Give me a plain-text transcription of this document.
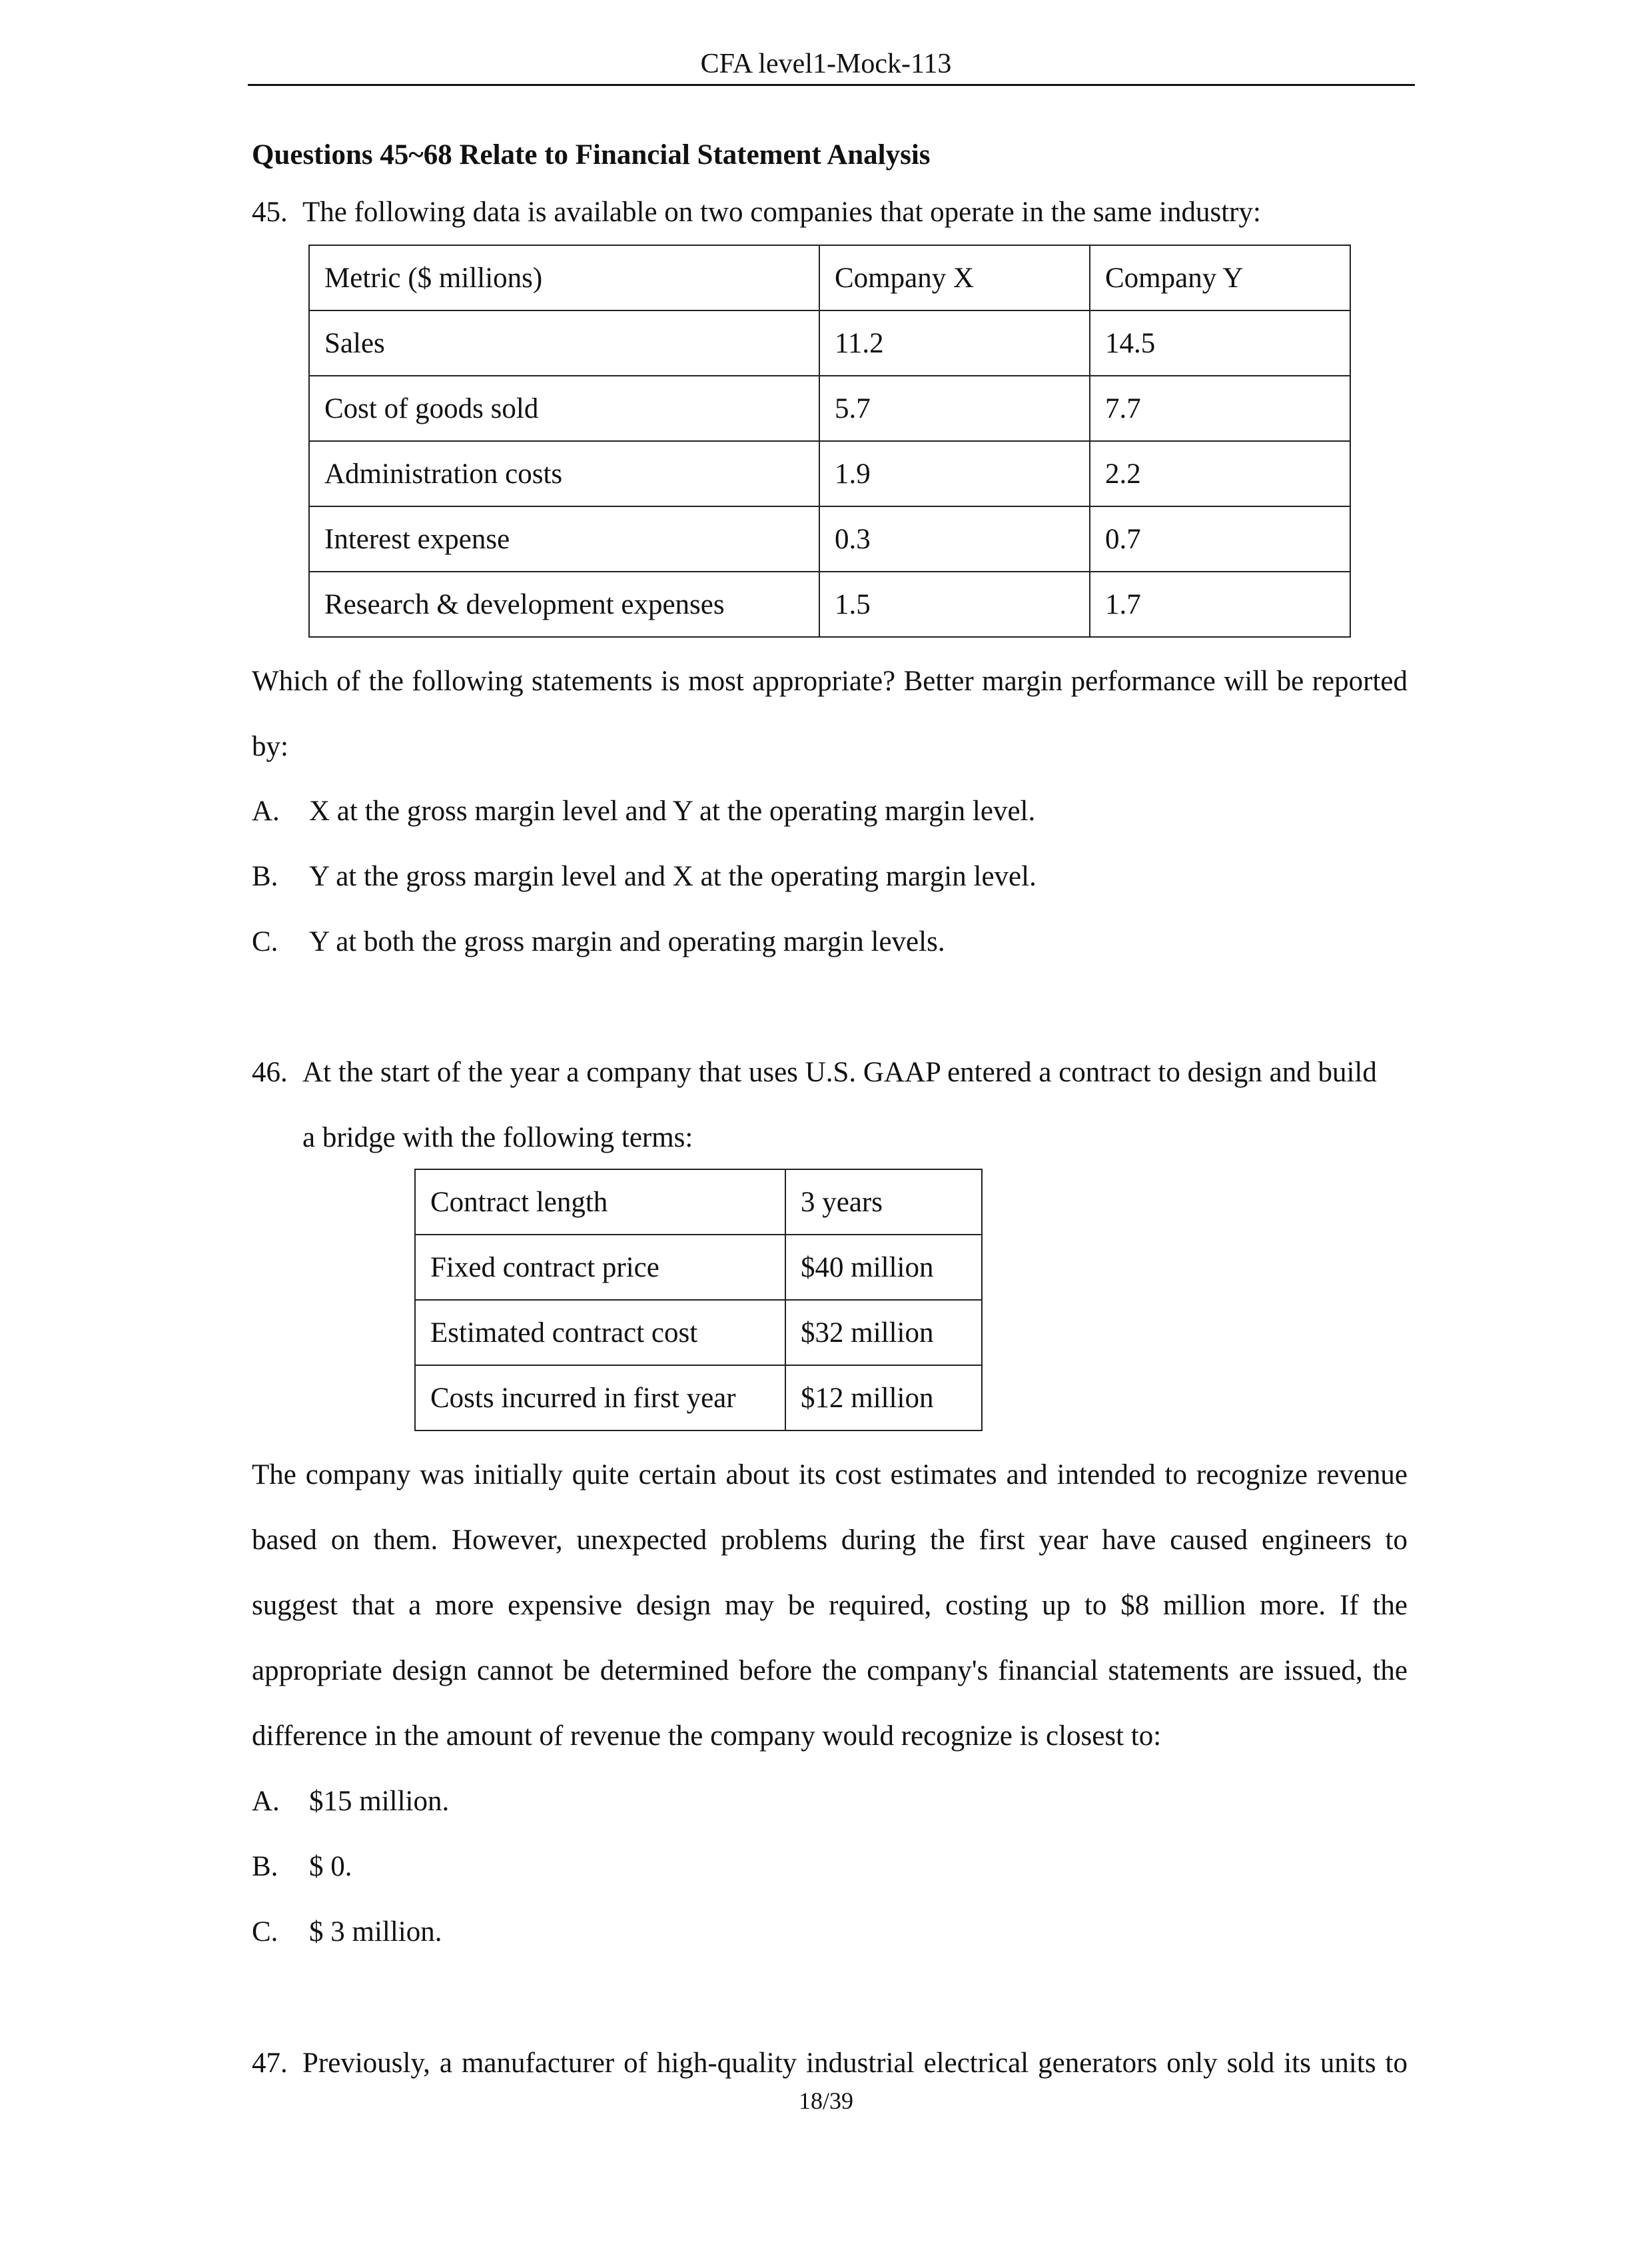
CFA level1-Mock-113
Questions 45~68 Relate to Financial Statement Analysis
45. The following data is available on two companies that operate in the same industry:
Metric ($ millions)	Company X	Company Y
Sales	11.2	14.5
Cost of goods sold	5.7	7.7
Administration costs	1.9	2.2
Interest expense	0.3	0.7
Research & development expenses	1.5	1.7
Which of the following statements is most appropriate? Better margin performance will be reported by:
A. X at the gross margin level and Y at the operating margin level.
B. Y at the gross margin level and X at the operating margin level.
C. Y at both the gross margin and operating margin levels.
46. At the start of the year a company that uses U.S. GAAP entered a contract to design and build
a bridge with the following terms:
Contract length	3 years
Fixed contract price	$40 million
Estimated contract cost	$32 million
Costs incurred in first year	$12 million
The company was initially quite certain about its cost estimates and intended to recognize revenue based on them. However, unexpected problems during the first year have caused engineers to suggest that a more expensive design may be required, costing up to $8 million more. If the appropriate design cannot be determined before the company's financial statements are issued, the difference in the amount of revenue the company would recognize is closest to:
A. $15 million.
B. $ 0.
C. $ 3 million.
47. Previously, a manufacturer of high-quality industrial electrical generators only sold its units to
18/39
